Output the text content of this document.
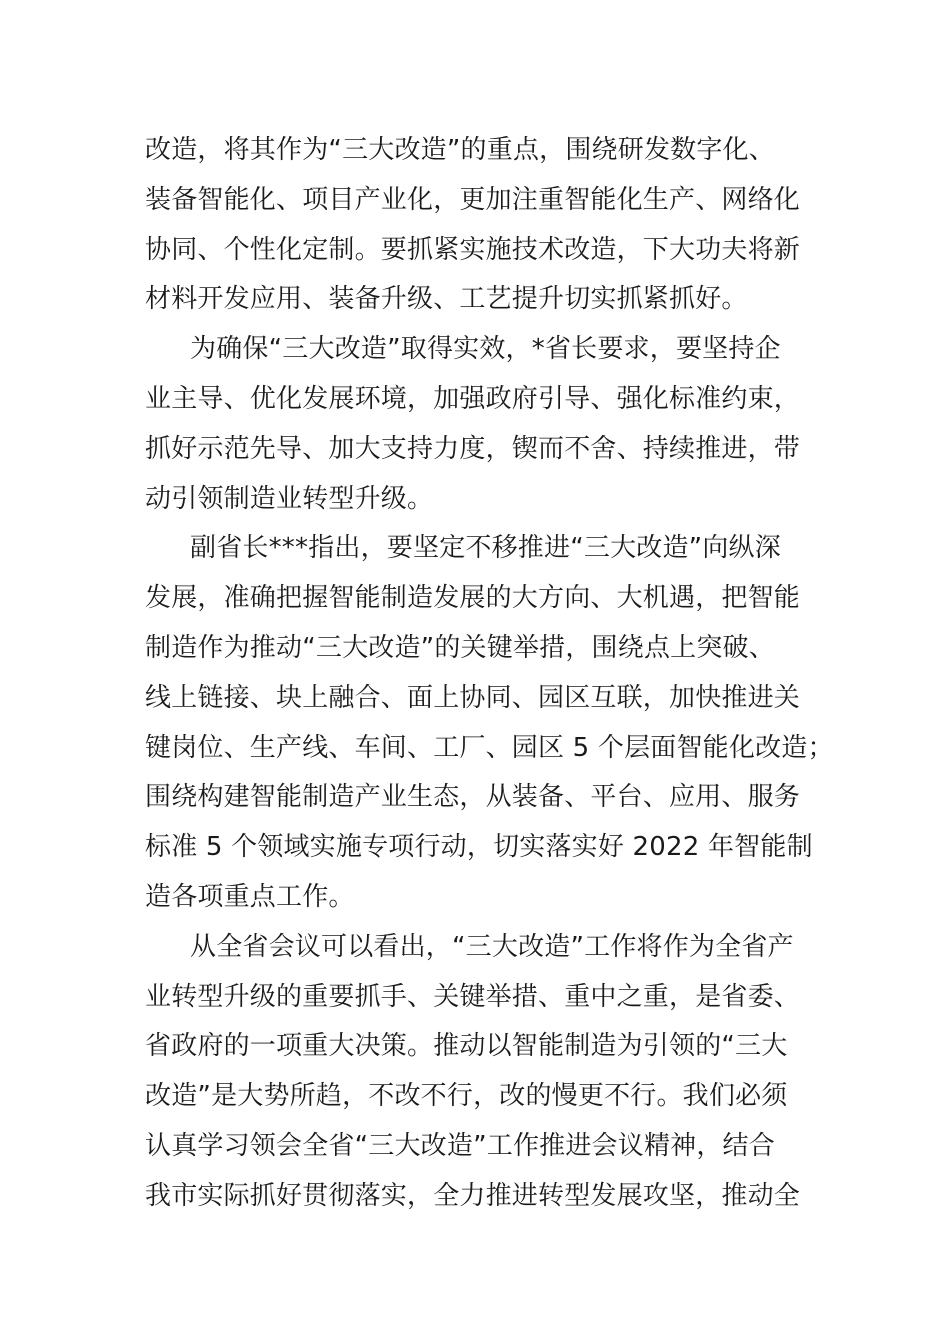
改造，将其作为“三大改造”的重点，围绕研发数字化、
装备智能化、项目产业化，更加注重智能化生产、网络化
协同、个性化定制。要抓紧实施技术改造，下大功夫将新
材料开发应用、装备升级、工艺提升切实抓紧抓好。
为确保“三大改造”取得实效，*省长要求，要坚持企
业主导、优化发展环境，加强政府引导、强化标准约束，
抓好示范先导、加大支持力度，锲而不舍、持续推进，带
动引领制造业转型升级。
副省长***指出，要坚定不移推进“三大改造”向纵深
发展，准确把握智能制造发展的大方向、大机遇，把智能
制造作为推动“三大改造”的关键举措，围绕点上突破、
线上链接、块上融合、面上协同、园区互联，加快推进关
键岗位、生产线、车间、工厂、园区 5 个层面智能化改造；
围绕构建智能制造产业生态，从装备、平台、应用、服务
标准 5 个领域实施专项行动，切实落实好 2022 年智能制
造各项重点工作。
从全省会议可以看出，“三大改造”工作将作为全省产
业转型升级的重要抓手、关键举措、重中之重，是省委、
省政府的一项重大决策。推动以智能制造为引领的“三大
改造”是大势所趋，不改不行，改的慢更不行。我们必须
认真学习领会全省“三大改造”工作推进会议精神，结合
我市实际抓好贯彻落实，全力推进转型发展攻坚，推动全
